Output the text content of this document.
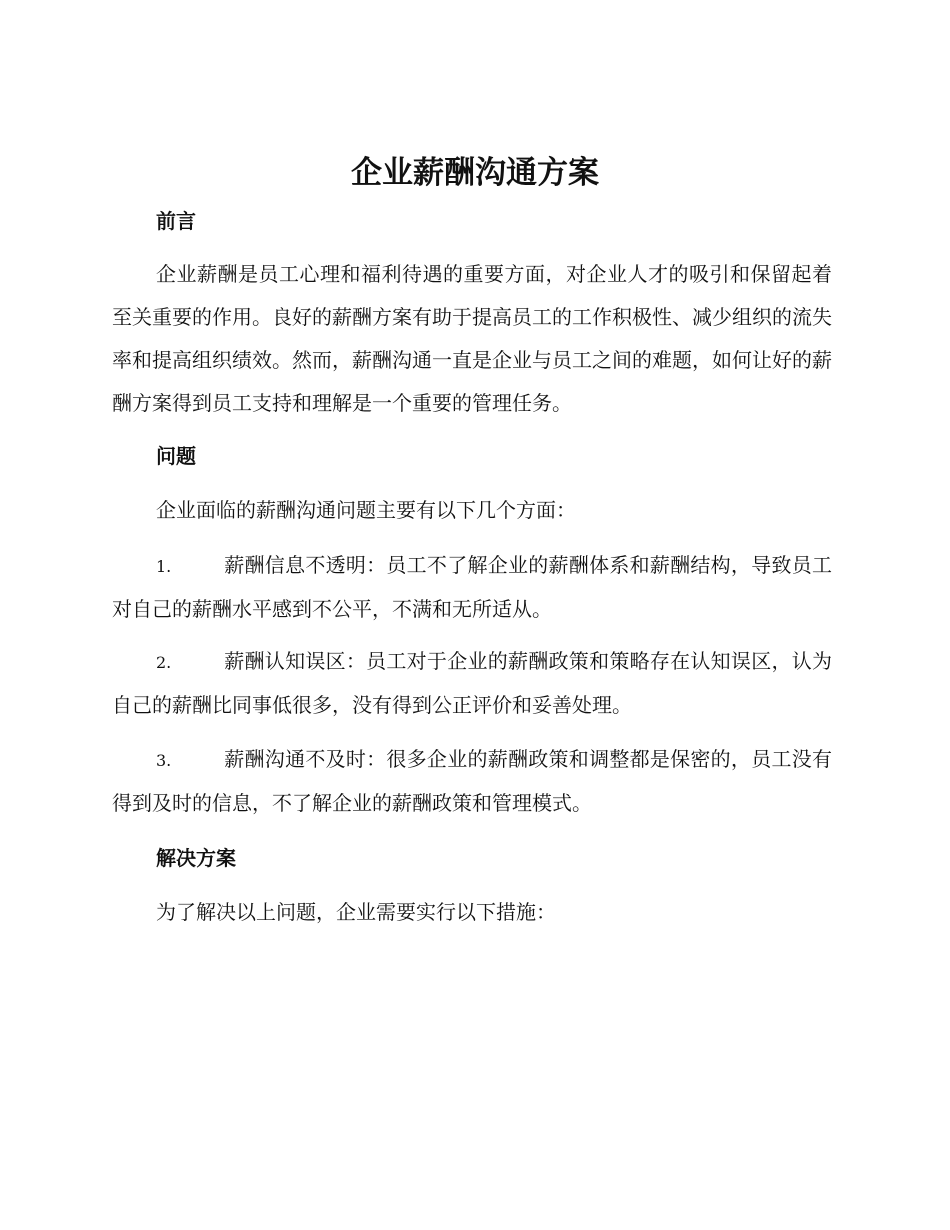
企业薪酬沟通方案
前言

企业薪酬是员工心理和福利待遇的重要方面，对企业人才的吸引和保留起着至关重要的作用。良好的薪酬方案有助于提高员工的工作积极性、减少组织的流失率和提高组织绩效。然而，薪酬沟通一直是企业与员工之间的难题，如何让好的薪酬方案得到员工支持和理解是一个重要的管理任务。

问题

企业面临的薪酬沟通问题主要有以下几个方面：

1.	薪酬信息不透明：员工不了解企业的薪酬体系和薪酬结构，导致员工对自己的薪酬水平感到不公平，不满和无所适从。

2.	薪酬认知误区：员工对于企业的薪酬政策和策略存在认知误区，认为自己的薪酬比同事低很多，没有得到公正评价和妥善处理。

3.	薪酬沟通不及时：很多企业的薪酬政策和调整都是保密的，员工没有得到及时的信息，不了解企业的薪酬政策和管理模式。

解决方案

为了解决以上问题，企业需要实行以下措施：
